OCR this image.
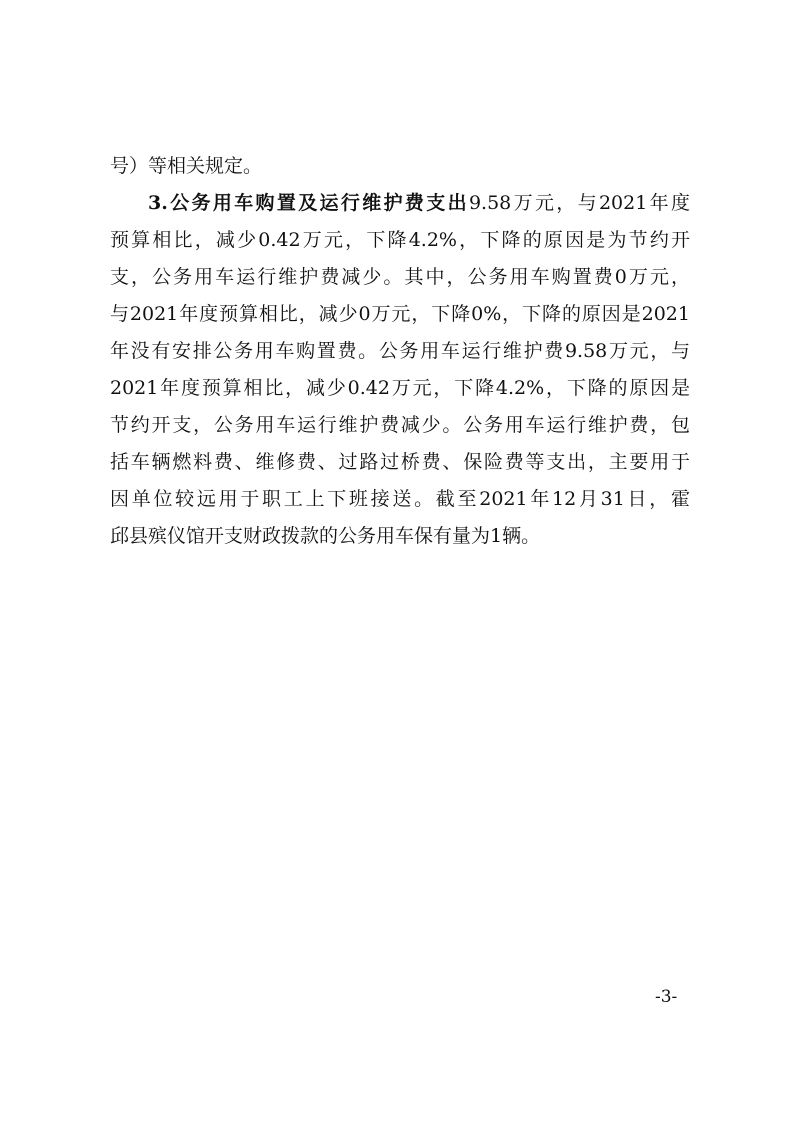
号）等相关规定。
3.公务用车购置及运行维护费支出9.58万元，与2021年度
预算相比，减少0.42万元，下降4.2%，下降的原因是为节约开
支，公务用车运行维护费减少。其中，公务用车购置费0万元，
与2021年度预算相比，减少0万元，下降0%，下降的原因是2021
年没有安排公务用车购置费。公务用车运行维护费9.58万元，与
2021年度预算相比，减少0.42万元，下降4.2%，下降的原因是
节约开支，公务用车运行维护费减少。公务用车运行维护费，包
括车辆燃料费、维修费、过路过桥费、保险费等支出，主要用于
因单位较远用于职工上下班接送。截至2021年12月31日，霍
邱县殡仪馆开支财政拨款的公务用车保有量为1辆。
-3-
